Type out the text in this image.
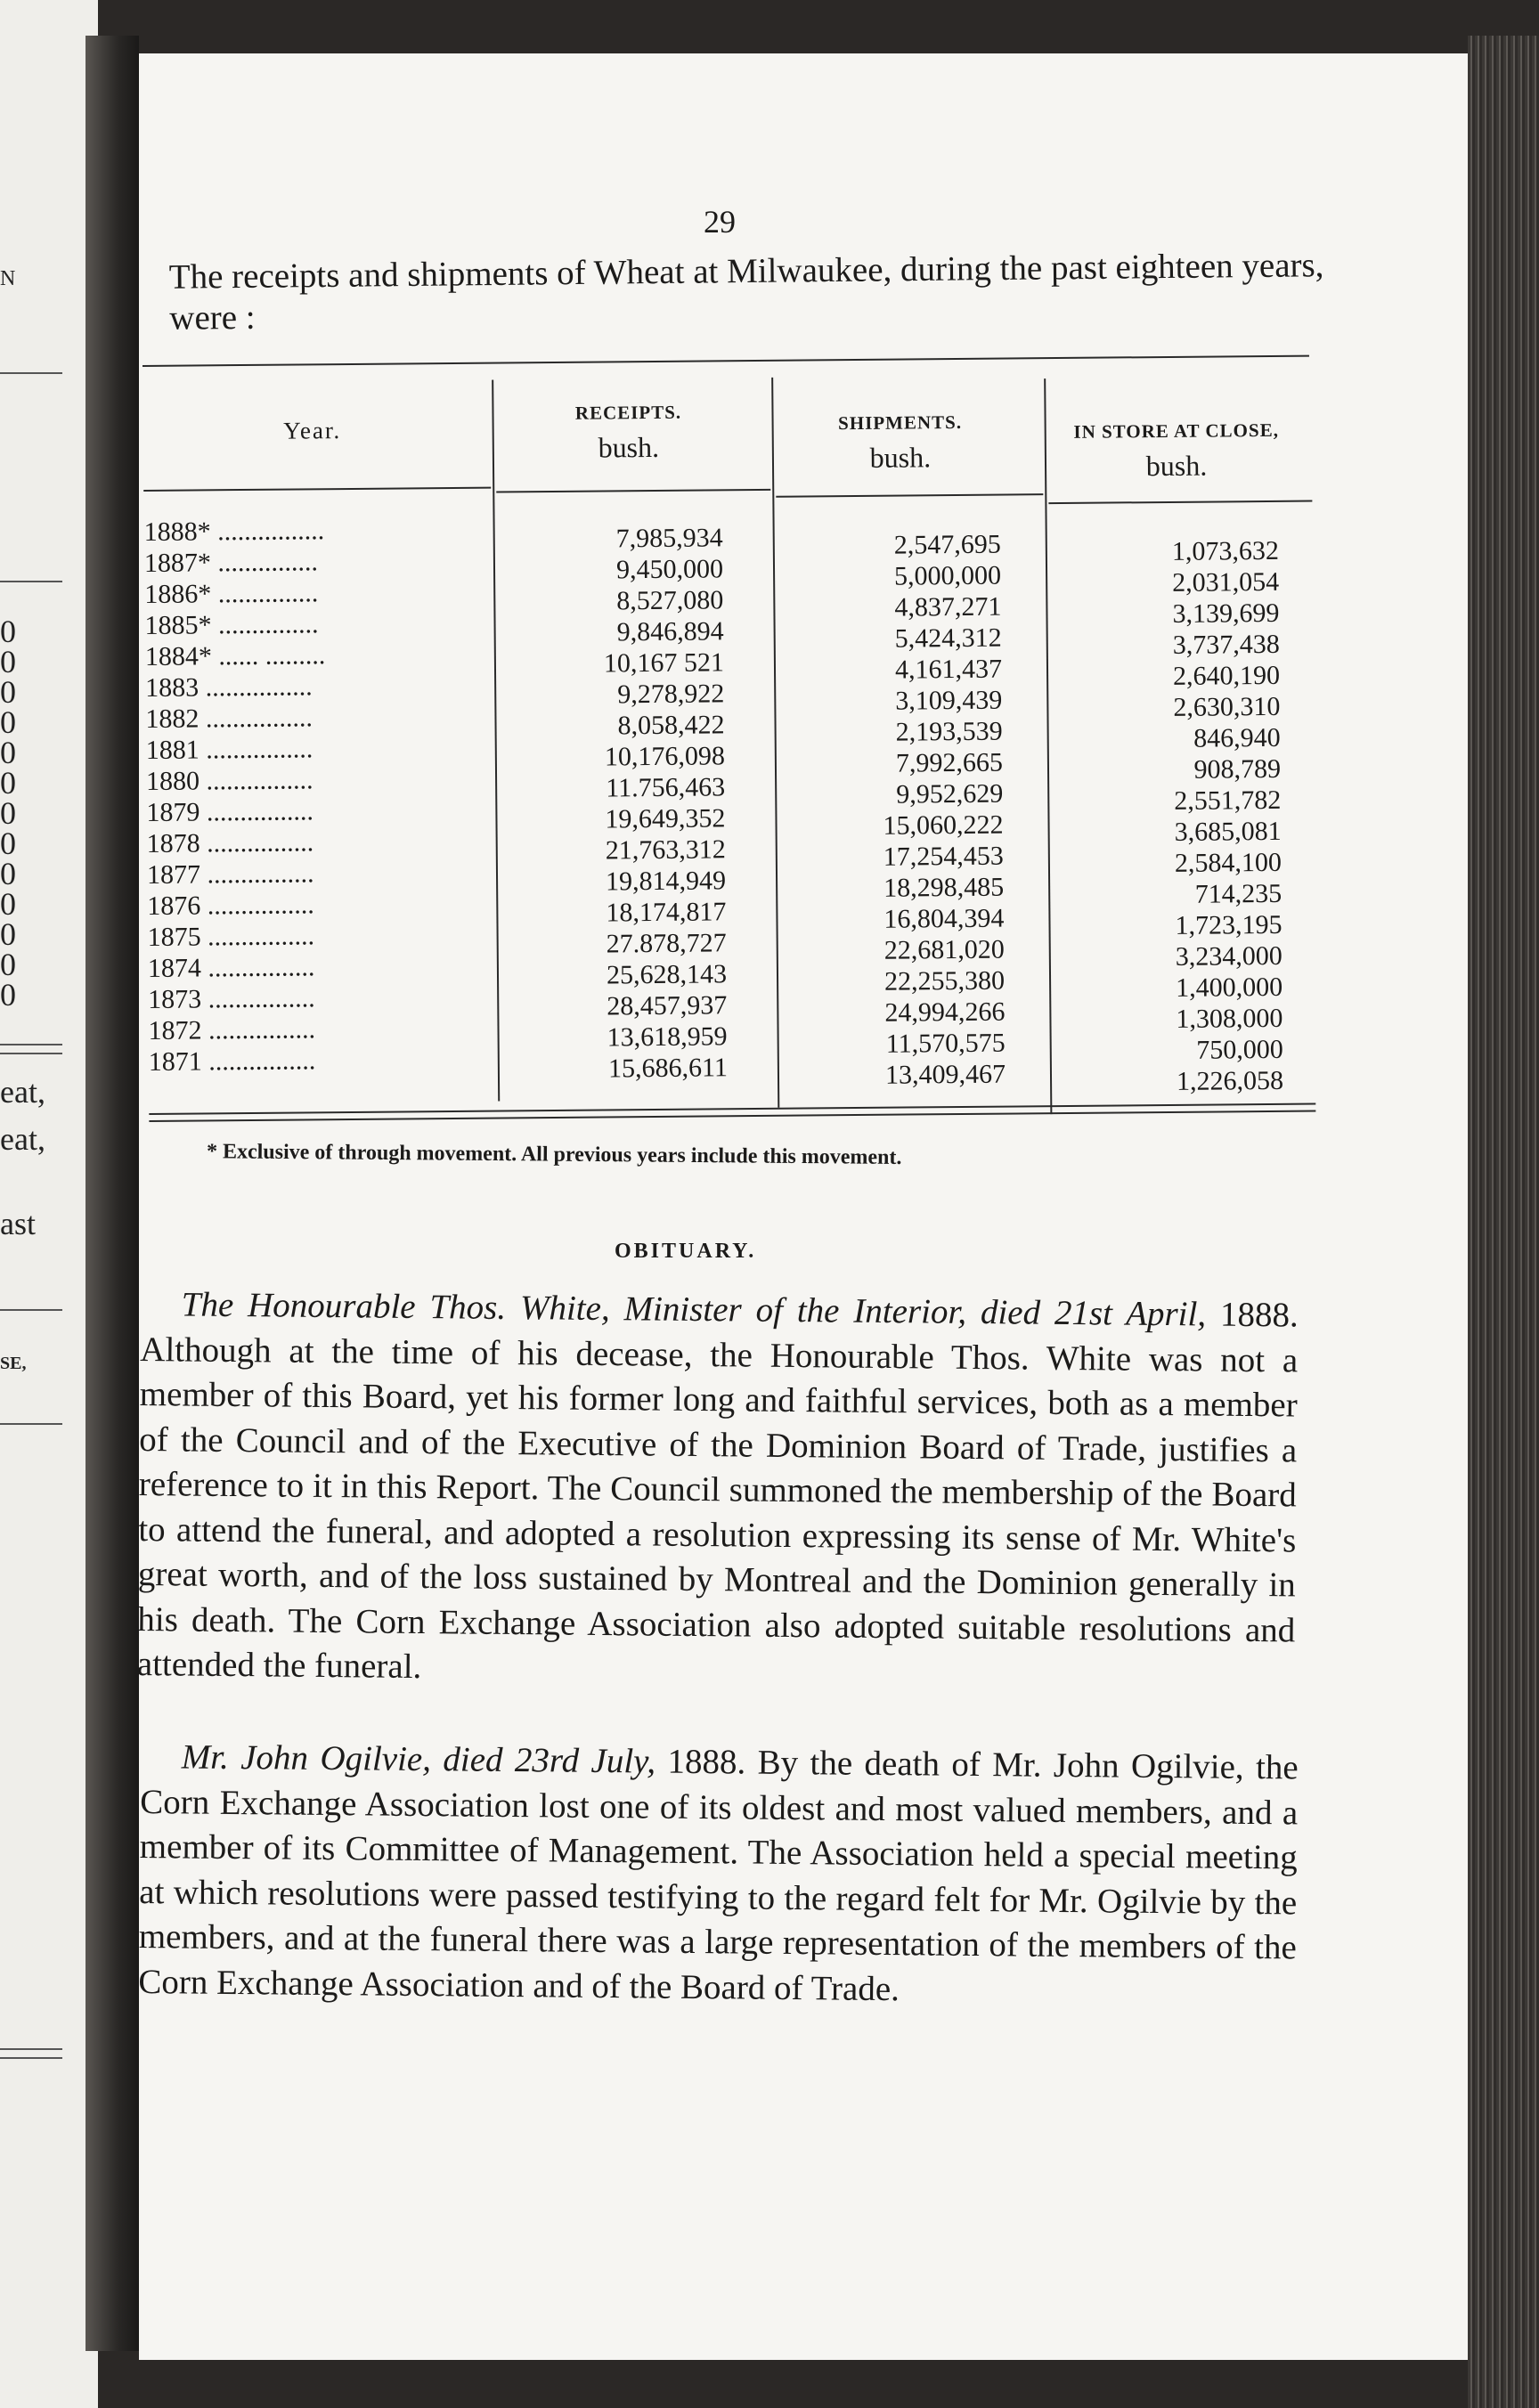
N
0
0
0
0
0
0
0
0
0
0
0
0
0
eat,
eat,
ast
SE,
29
The receipts and shipments of Wheat at Milwaukee, during the past eighteen years, were :
Year.
RECEIPTS.
bush.
SHIPMENTS.
bush.
IN STORE AT CLOSE,
bush.
1888* ................
1887* ...............
1886* ...............
1885* ...............
1884* ...... .........
1883 ................
1882 ................
1881 ................
1880 ................
1879 ................
1878 ................
1877 ................
1876 ................
1875 ................
1874 ................
1873 ................
1872 ................
1871 ................
7,985,934
9,450,000
8,527,080
9,846,894
10,167 521
9,278,922
8,058,422
10,176,098
11.756,463
19,649,352
21,763,312
19,814,949
18,174,817
27.878,727
25,628,143
28,457,937
13,618,959
15,686,611
2,547,695
5,000,000
4,837,271
5,424,312
4,161,437
3,109,439
2,193,539
7,992,665
9,952,629
15,060,222
17,254,453
18,298,485
16,804,394
22,681,020
22,255,380
24,994,266
11,570,575
13,409,467
1,073,632
2,031,054
3,139,699
3,737,438
2,640,190
2,630,310
846,940
908,789
2,551,782
3,685,081
2,584,100
714,235
1,723,195
3,234,000
1,400,000
1,308,000
750,000
1,226,058
* Exclusive of through movement. All previous years include this movement.
OBITUARY.
The Honourable Thos. White, Minister of the Interior, died 21st April, 1888. Although at the time of his decease, the Honourable Thos. White was not a member of this Board, yet his former long and faithful services, both as a member of the Council and of the Executive of the Dominion Board of Trade, justifies a reference to it in this Report. The Council summoned the membership of the Board to attend the funeral, and adopted a resolution expressing its sense of Mr. White's great worth, and of the loss sustained by Montreal and the Dominion generally in his death. The Corn Exchange Association also adopted suitable resolutions and attended the funeral.
Mr. John Ogilvie, died 23rd July, 1888. By the death of Mr. John Ogilvie, the Corn Exchange Association lost one of its oldest and most valued members, and a member of its Committee of Management. The Association held a special meeting at which resolutions were passed testifying to the regard felt for Mr. Ogilvie by the members, and at the funeral there was a large representation of the members of the Corn Exchange Association and of the Board of Trade.
